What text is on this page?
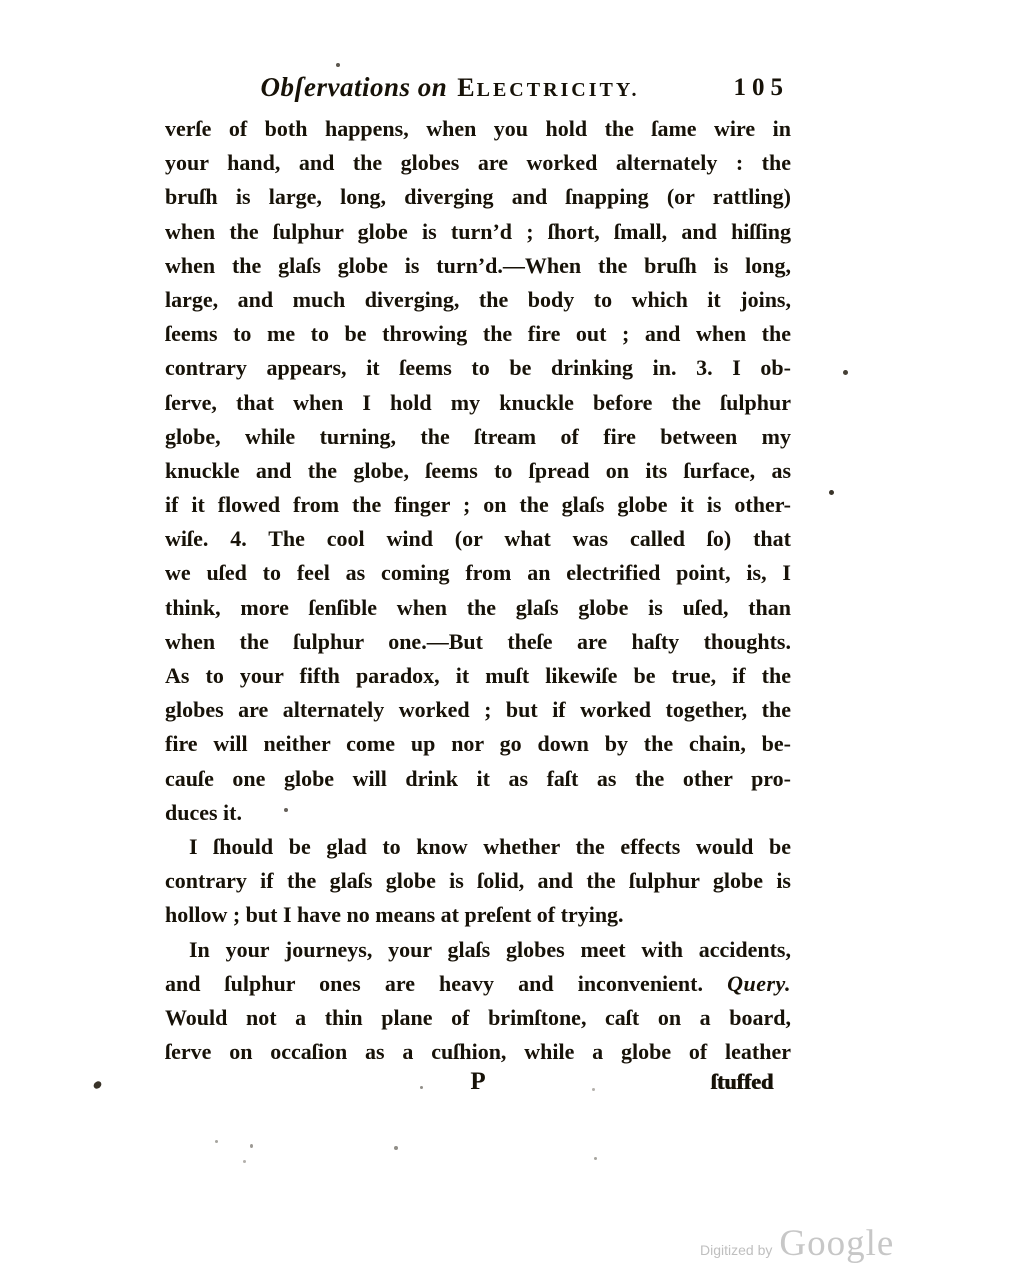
Obſervations on ELECTRICITY.	105
verſe of both happens, when you hold the ſame wire in
your hand, and the globes are worked alternately : the
bruſh is large, long, diverging and ſnapping (or rattling)
when the ſulphur globe is turn’d ; ſhort, ſmall, and hiſſing
when the glaſs globe is turn’d.—When the bruſh is long,
large, and much diverging, the body to which it joins,
ſeems to me to be throwing the fire out ; and when the
contrary appears, it ſeems to be drinking in. 3. I ob-
ſerve, that when I hold my knuckle before the ſulphur
globe, while turning, the ſtream of fire between my
knuckle and the globe, ſeems to ſpread on its ſurface, as
if it flowed from the finger ; on the glaſs globe it is other-
wiſe. 4. The cool wind (or what was called ſo) that
we uſed to feel as coming from an electrified point, is, I
think, more ſenſible when the glaſs globe is uſed, than
when the ſulphur one.—But theſe are haſty thoughts.
As to your fifth paradox, it muſt likewiſe be true, if the
globes are alternately worked ; but if worked together, the
fire will neither come up nor go down by the chain, be-
cauſe one globe will drink it as faſt as the other pro-
duces it.
I ſhould be glad to know whether the effects would be
contrary if the glaſs globe is ſolid, and the ſulphur globe is
hollow ; but I have no means at preſent of trying.
In your journeys, your glaſs globes meet with accidents,
and ſulphur ones are heavy and inconvenient. Query.
Would not a thin plane of brimſtone, caſt on a board,
ſerve on occaſion as a cuſhion, while a globe of leather
P	ſtuffed
Digitized by Google
